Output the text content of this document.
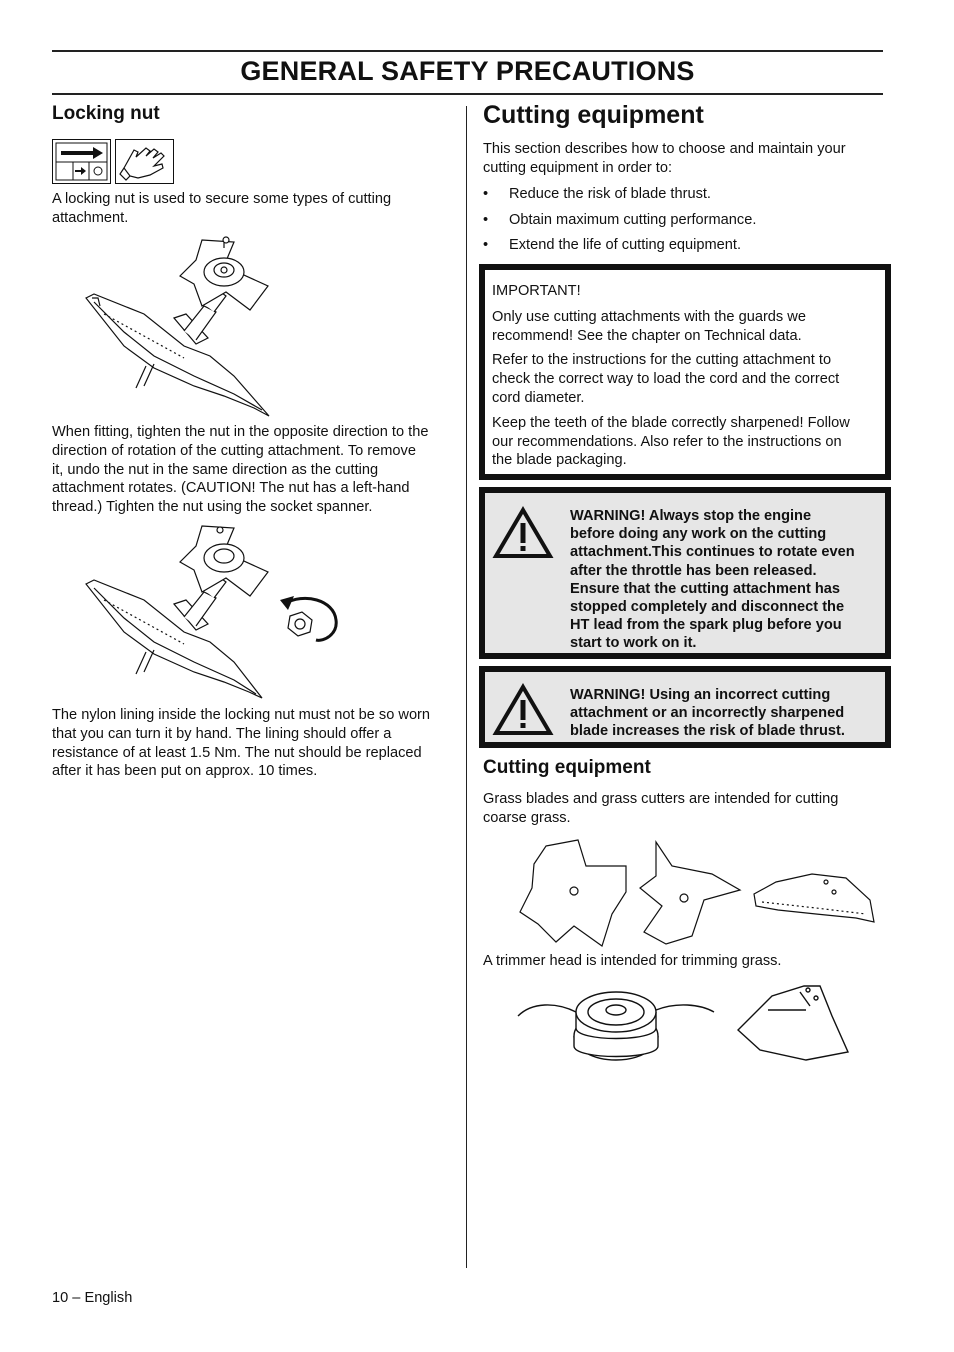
GENERAL SAFETY PRECAUTIONS
Locking nut
A locking nut is used to secure some types of cutting
attachment.
When fitting, tighten the nut in the opposite direction to the
direction of rotation of the cutting attachment. To remove
it, undo the nut in the same direction as the cutting
attachment rotates. (CAUTION! The nut has a left-hand
thread.) Tighten the nut using the socket spanner.
The nylon lining inside the locking nut must not be so worn
that you can turn it by hand. The lining should offer a
resistance of at least 1.5 Nm. The nut should be replaced
after it has been put on approx. 10 times.
Cutting equipment
This section describes how to choose and maintain your
cutting equipment in order to:
• Reduce the risk of blade thrust.
• Obtain maximum cutting performance.
• Extend the life of cutting equipment.
IMPORTANT!
Only use cutting attachments with the guards we
recommend! See the chapter on Technical data.
Refer to the instructions for the cutting attachment to
check the correct way to load the cord and the correct
cord diameter.
Keep the teeth of the blade correctly sharpened! Follow
our recommendations. Also refer to the instructions on
the blade packaging.
WARNING! Always stop the engine
before doing any work on the cutting
attachment.This continues to rotate even
after the throttle has been released.
Ensure that the cutting attachment has
stopped completely and disconnect the
HT lead from the spark plug before you
start to work on it.
WARNING! Using an incorrect cutting
attachment or an incorrectly sharpened
blade increases the risk of blade thrust.
Cutting equipment
Grass blades and grass cutters are intended for cutting
coarse grass.
A trimmer head is intended for trimming grass.
10 – English
